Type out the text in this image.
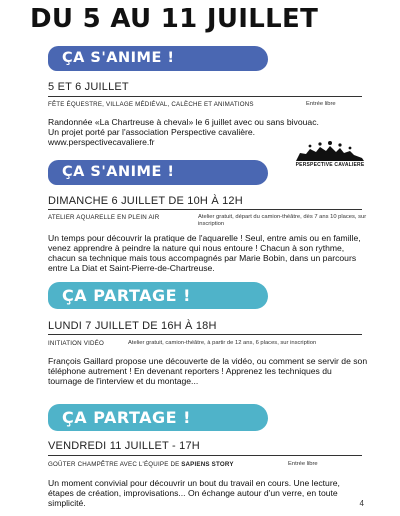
DU 5 AU 11 JUILLET
ÇA S'ANIME !
5 ET 6 JUILLET
FÊTE ÉQUESTRE, VILLAGE MÉDIÉVAL, CALÈCHE ET ANIMATIONS	Entrée libre
Randonnée «La Chartreuse à cheval» le 6 juillet avec ou sans bivouac.
Un projet porté par l'association Perspective cavalière.
www.perspectivecavaliere.fr
PERSPECTIVE CAVALIERE
ÇA S'ANIME !
DIMANCHE 6 JUILLET DE 10H À 12H
ATELIER AQUARELLE EN PLEIN AIR	Atelier gratuit, départ du camion-théâtre, dès 7 ans 10 places, sur inscription
Un temps pour découvrir la pratique de l'aquarelle ! Seul, entre amis ou en famille, venez apprendre à peindre la nature qui nous entoure ! Chacun à son rythme, chacun sa technique mais tous accompagnés par Marie Bobin, dans un parcours entre La Diat et Saint-Pierre-de-Chartreuse.
ÇA PARTAGE !
LUNDI 7 JUILLET DE 16H À 18H
INITIATION VIDÉO	Atelier gratuit, camion-théâtre, à partir de 12 ans, 6 places, sur inscription
François Gaillard propose une découverte de la vidéo, ou comment se servir de son téléphone autrement ! En devenant reporters ! Apprenez les techniques du tournage de l'interview et du montage...
ÇA PARTAGE !
VENDREDI 11 JUILLET - 17H
GOÛTER CHAMPÊTRE AVEC L'ÉQUIPE DE SAPIENS STORY	Entrée libre
Un moment convivial pour découvrir un bout du travail en cours. Une lecture, étapes de création, improvisations... On échange autour d'un verre, en toute simplicité.	4
